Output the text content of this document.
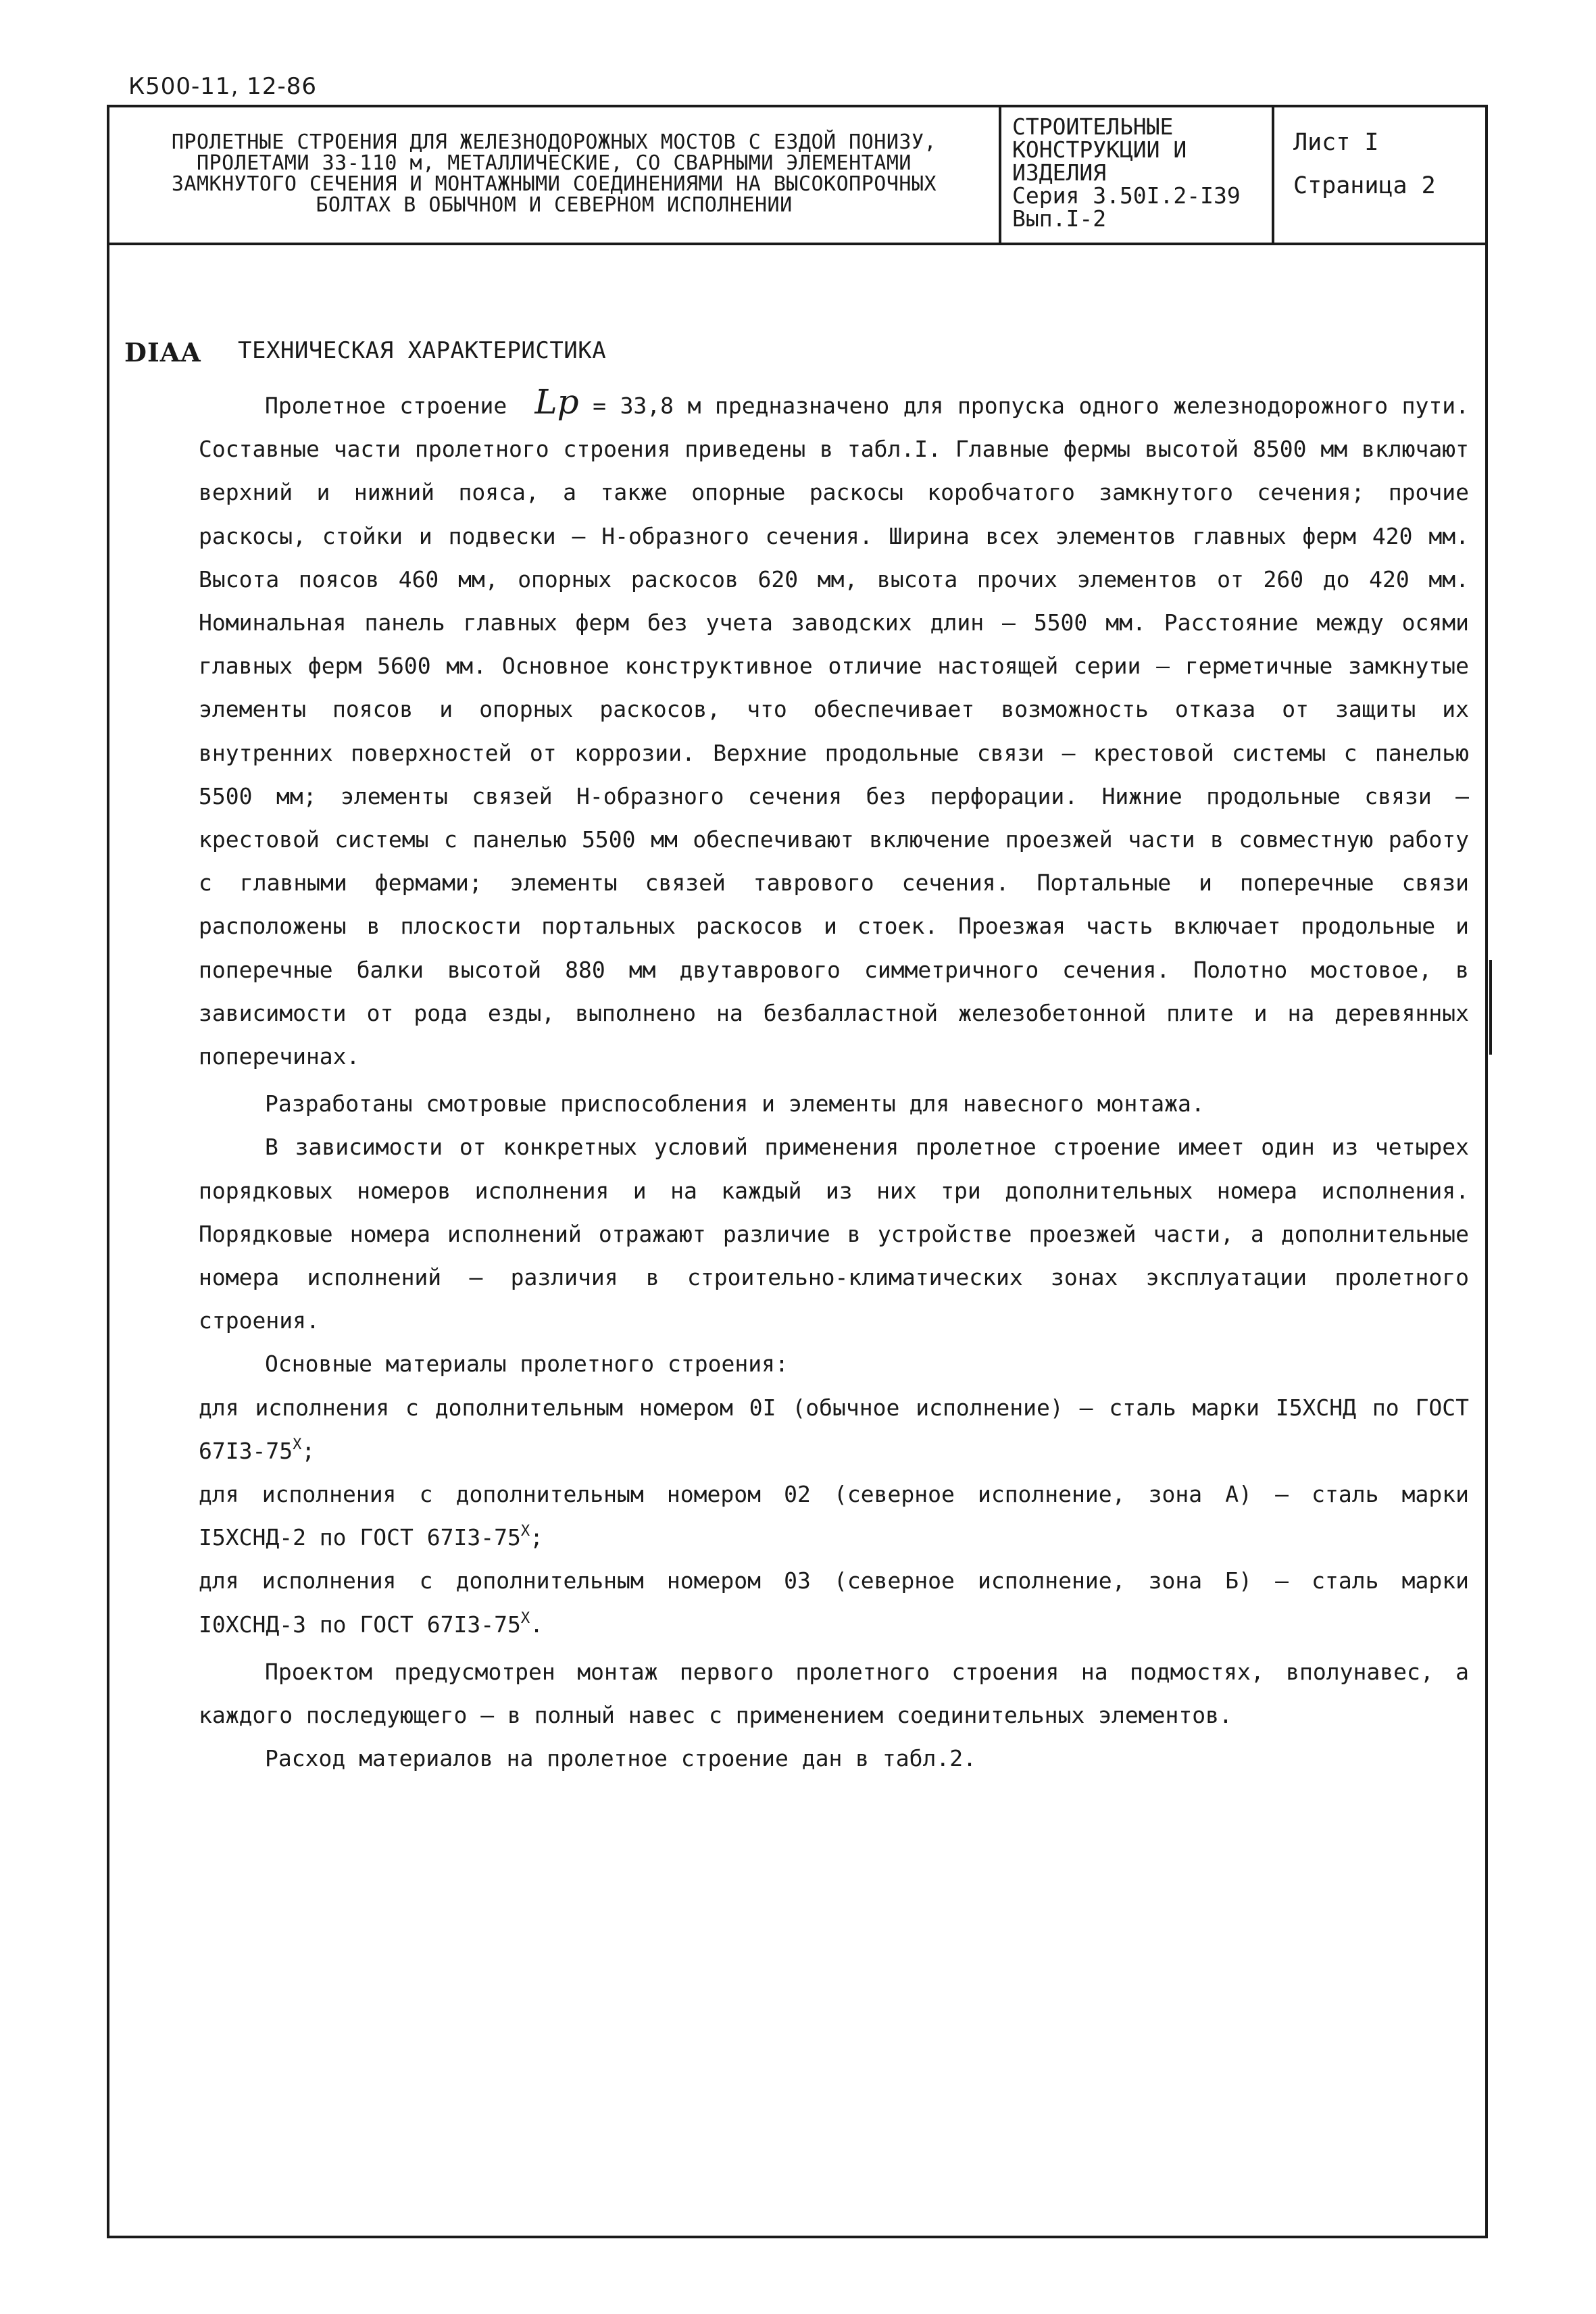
К500-11, 12-86
ПРОЛЕТНЫЕ СТРОЕНИЯ ДЛЯ ЖЕЛЕЗНОДОРОЖНЫХ МОСТОВ С ЕЗДОЙ ПОНИЗУ,
ПРОЛЕТАМИ 33-110 м, МЕТАЛЛИЧЕСКИЕ, СО СВАРНЫМИ ЭЛЕМЕНТАМИ
ЗАМКНУТОГО СЕЧЕНИЯ И МОНТАЖНЫМИ СОЕДИНЕНИЯМИ НА ВЫСОКОПРОЧНЫХ
БОЛТАХ В ОБЫЧНОМ И СЕВЕРНОМ ИСПОЛНЕНИИ
СТРОИТЕЛЬНЫЕ
КОНСТРУКЦИИ И
ИЗДЕЛИЯ
Серия 3.50I.2-I39
Вып.I-2
Лист I
Страница 2
DIAA ТЕХНИЧЕСКАЯ ХАРАКТЕРИСТИКА

Пролетное строение Lр = 33,8 м предназначено для пропуска одного железнодорожного пути. Составные части пролетного строения приведены в табл.I. Главные фермы высотой 8500 мм включают верхний и нижний пояса, а также опорные раскосы коробчатого замкнутого сечения; прочие раскосы, стойки и подвески – Н-образного сечения. Ширина всех элементов главных ферм 420 мм. Высота поясов 460 мм, опорных раскосов 620 мм, высота прочих элементов от 260 до 420 мм. Номинальная панель главных ферм без учета заводских длин – 5500 мм. Расстояние между осями главных ферм 5600 мм. Основное конструктивное отличие настоящей серии – герметичные замкнутые элементы поясов и опорных раскосов, что обеспечивает возможность отказа от защиты их внутренних поверхностей от коррозии. Верхние продольные связи – крестовой системы с панелью 5500 мм; элементы связей Н-образного сечения без перфорации. Нижние продольные связи – крестовой системы с панелью 5500 мм обеспечивают включение проезжей части в совместную работу с главными фермами; элементы связей таврового сечения. Портальные и поперечные связи расположены в плоскости портальных раскосов и стоек. Проезжая часть включает продольные и поперечные балки высотой 880 мм двутаврового симметричного сечения. Полотно мостовое, в зависимости от рода езды, выполнено на безбалластной железобетонной плите и на деревянных поперечинах.

Разработаны смотровые приспособления и элементы для навесного монтажа.

В зависимости от конкретных условий применения пролетное строение имеет один из четырех порядковых номеров исполнения и на каждый из них три дополнительных номера исполнения. Порядковые номера исполнений отражают различие в устройстве проезжей части, а дополнительные номера исполнений – различия в строительно-климатических зонах эксплуатации пролетного строения.

Основные материалы пролетного строения:

для исполнения с дополнительным номером 0I (обычное исполнение) – сталь марки I5ХСНД по ГОСТ $67I3-75^Х$;

для исполнения с дополнительным номером 02 (северное исполнение, зона А) – сталь марки I5ХСНД-2 по ГОСТ $67I3-75^Х$;

для исполнения с дополнительным номером 03 (северное исполнение, зона Б) – сталь марки I0ХСНД-3 по ГОСТ $67I3-75^Х$.

Проектом предусмотрен монтаж первого пролетного строения на подмостях, вполунавес, а каждого последующего – в полный навес с применением соединительных элементов.

Расход материалов на пролетное строение дан в табл.2.
